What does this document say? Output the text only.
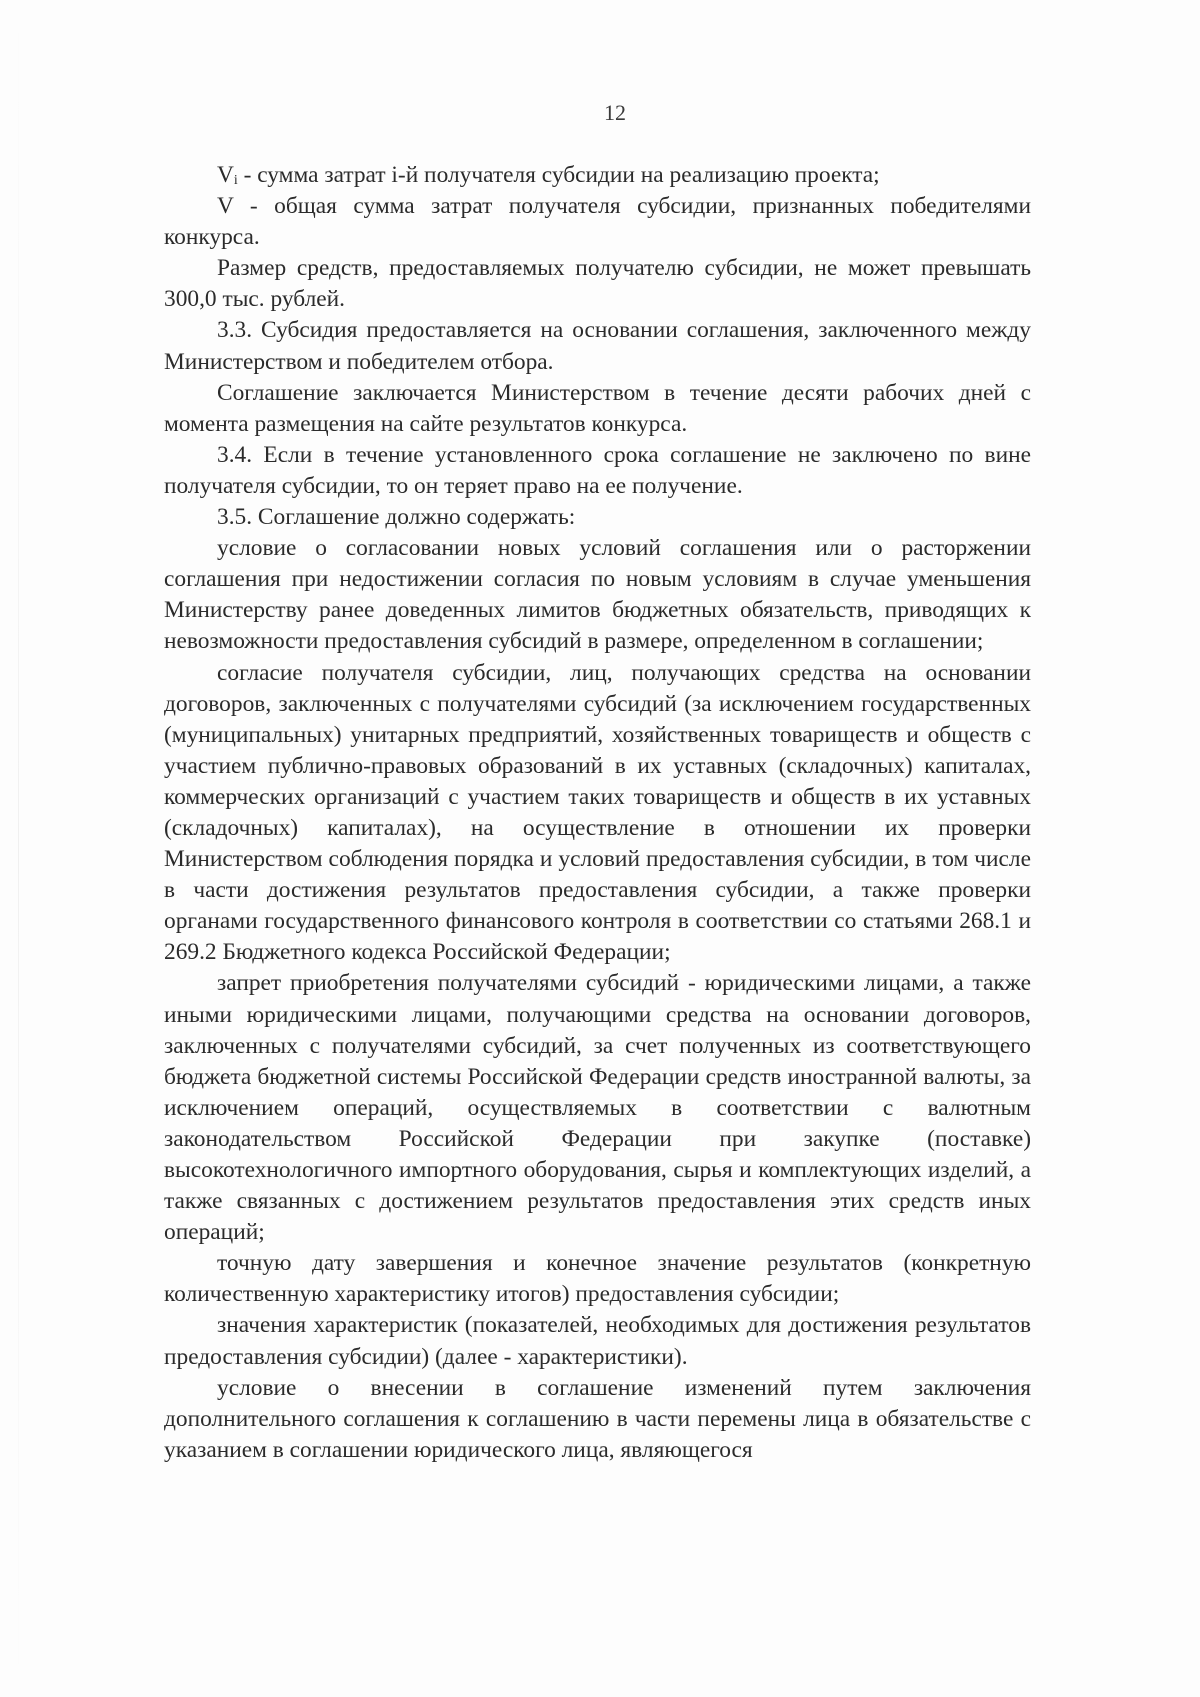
12

Vᵢ - сумма затрат i-й получателя субсидии на реализацию проекта;

V - общая сумма затрат получателя субсидии, признанных победителями конкурса.

Размер средств, предоставляемых получателю субсидии, не может превышать 300,0 тыс. рублей.

3.3. Субсидия предоставляется на основании соглашения, заключенного между Министерством и победителем отбора.

Соглашение заключается Министерством в течение десяти рабочих дней с момента размещения на сайте результатов конкурса.

3.4. Если в течение установленного срока соглашение не заключено по вине получателя субсидии, то он теряет право на ее получение.

3.5. Соглашение должно содержать:

условие о согласовании новых условий соглашения или о расторжении соглашения при недостижении согласия по новым условиям в случае уменьшения Министерству ранее доведенных лимитов бюджетных обязательств, приводящих к невозможности предоставления субсидий в размере, определенном в соглашении;

согласие получателя субсидии, лиц, получающих средства на основании договоров, заключенных с получателями субсидий (за исключением государственных (муниципальных) унитарных предприятий, хозяйственных товариществ и обществ с участием публично-правовых образований в их уставных (складочных) капиталах, коммерческих организаций с участием таких товариществ и обществ в их уставных (складочных) капиталах), на осуществление в отношении их проверки Министерством соблюдения порядка и условий предоставления субсидии, в том числе в части достижения результатов предоставления субсидии, а также проверки органами государственного финансового контроля в соответствии со статьями 268.1 и 269.2 Бюджетного кодекса Российской Федерации;

запрет приобретения получателями субсидий - юридическими лицами, а также иными юридическими лицами, получающими средства на основании договоров, заключенных с получателями субсидий, за счет полученных из соответствующего бюджета бюджетной системы Российской Федерации средств иностранной валюты, за исключением операций, осуществляемых в соответствии с валютным законодательством Российской Федерации при закупке (поставке) высокотехнологичного импортного оборудования, сырья и комплектующих изделий, а также связанных с достижением результатов предоставления этих средств иных операций;

точную дату завершения и конечное значение результатов (конкретную количественную характеристику итогов) предоставления субсидии;

значения характеристик (показателей, необходимых для достижения результатов предоставления субсидии) (далее - характеристики).

условие о внесении в соглашение изменений путем заключения дополнительного соглашения к соглашению в части перемены лица в обязательстве с указанием в соглашении юридического лица, являющегося
